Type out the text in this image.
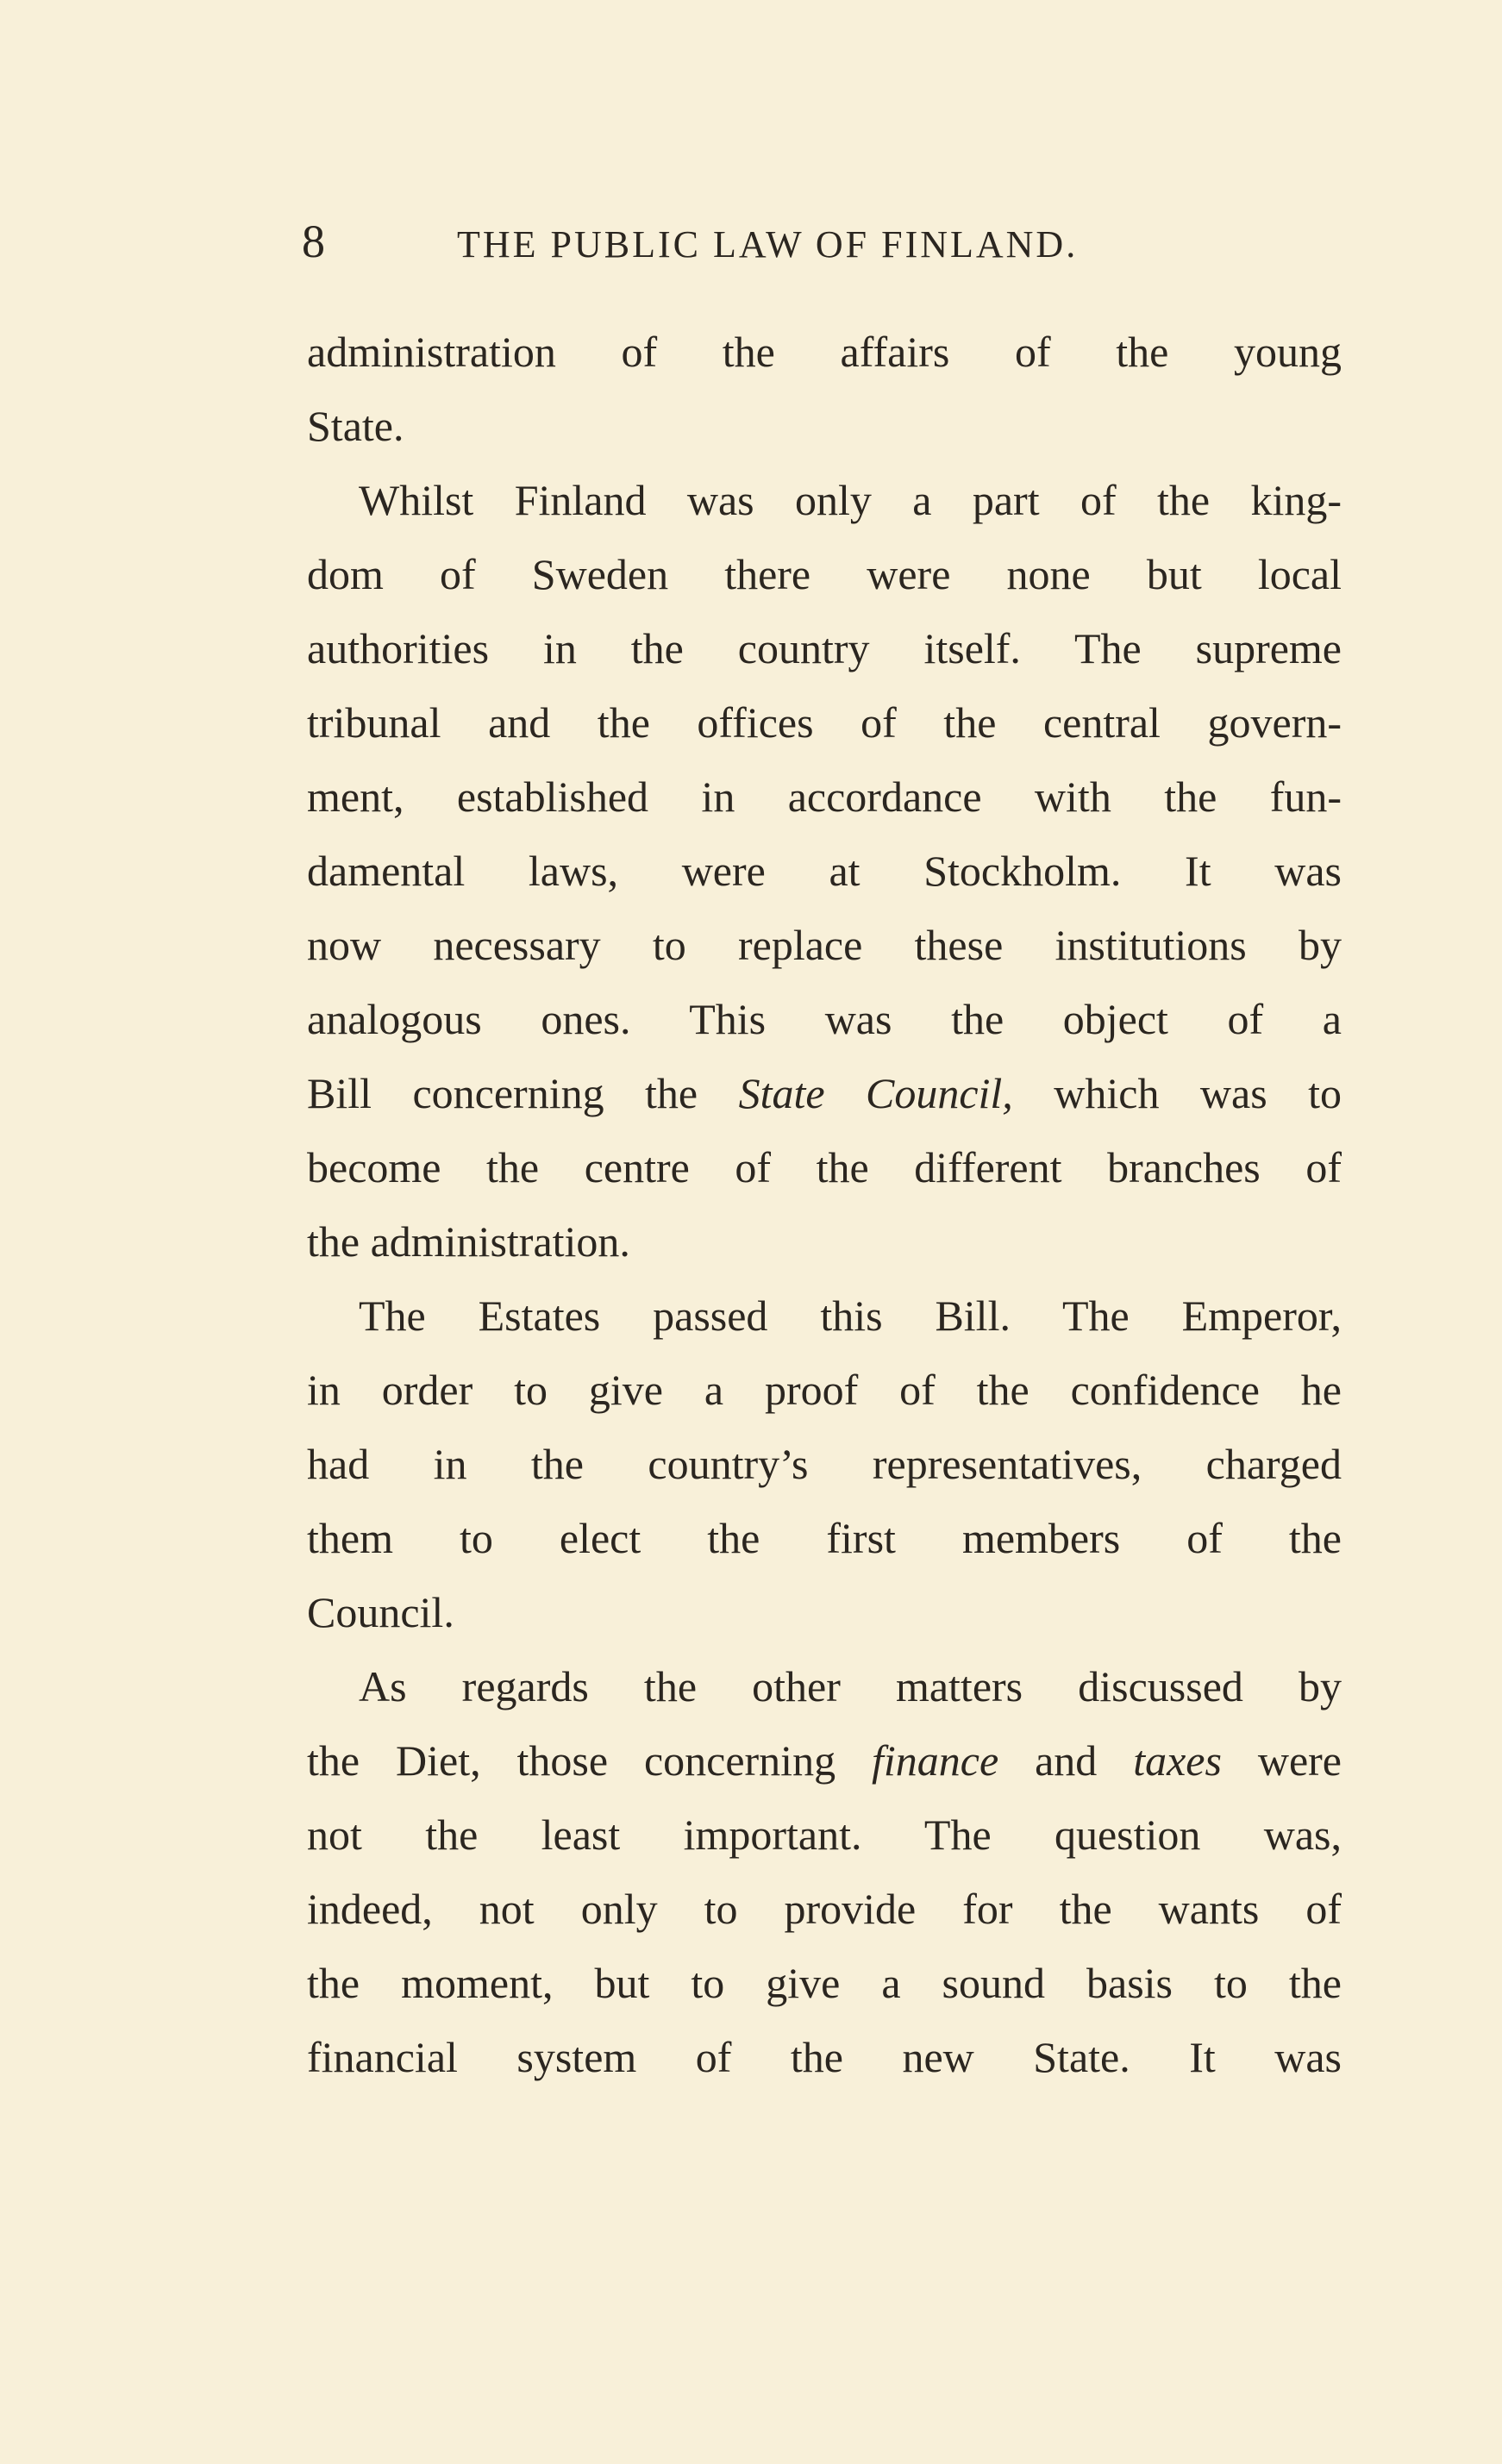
8	THE PUBLIC LAW OF FINLAND.
administration of the affairs of the young
State.
Whilst Finland was only a part of the king-
dom of Sweden there were none but local
authorities in the country itself. The supreme
tribunal and the offices of the central govern-
ment, established in accordance with the fun-
damental laws, were at Stockholm. It was
now necessary to replace these institutions by
analogous ones. This was the object of a
Bill concerning the State Council, which was to
become the centre of the different branches of
the administration.
The Estates passed this Bill. The Emperor,
in order to give a proof of the confidence he
had in the country’s representatives, charged
them to elect the first members of the
Council.
As regards the other matters discussed by
the Diet, those concerning finance and taxes were
not the least important. The question was,
indeed, not only to provide for the wants of
the moment, but to give a sound basis to the
financial system of the new State. It was
